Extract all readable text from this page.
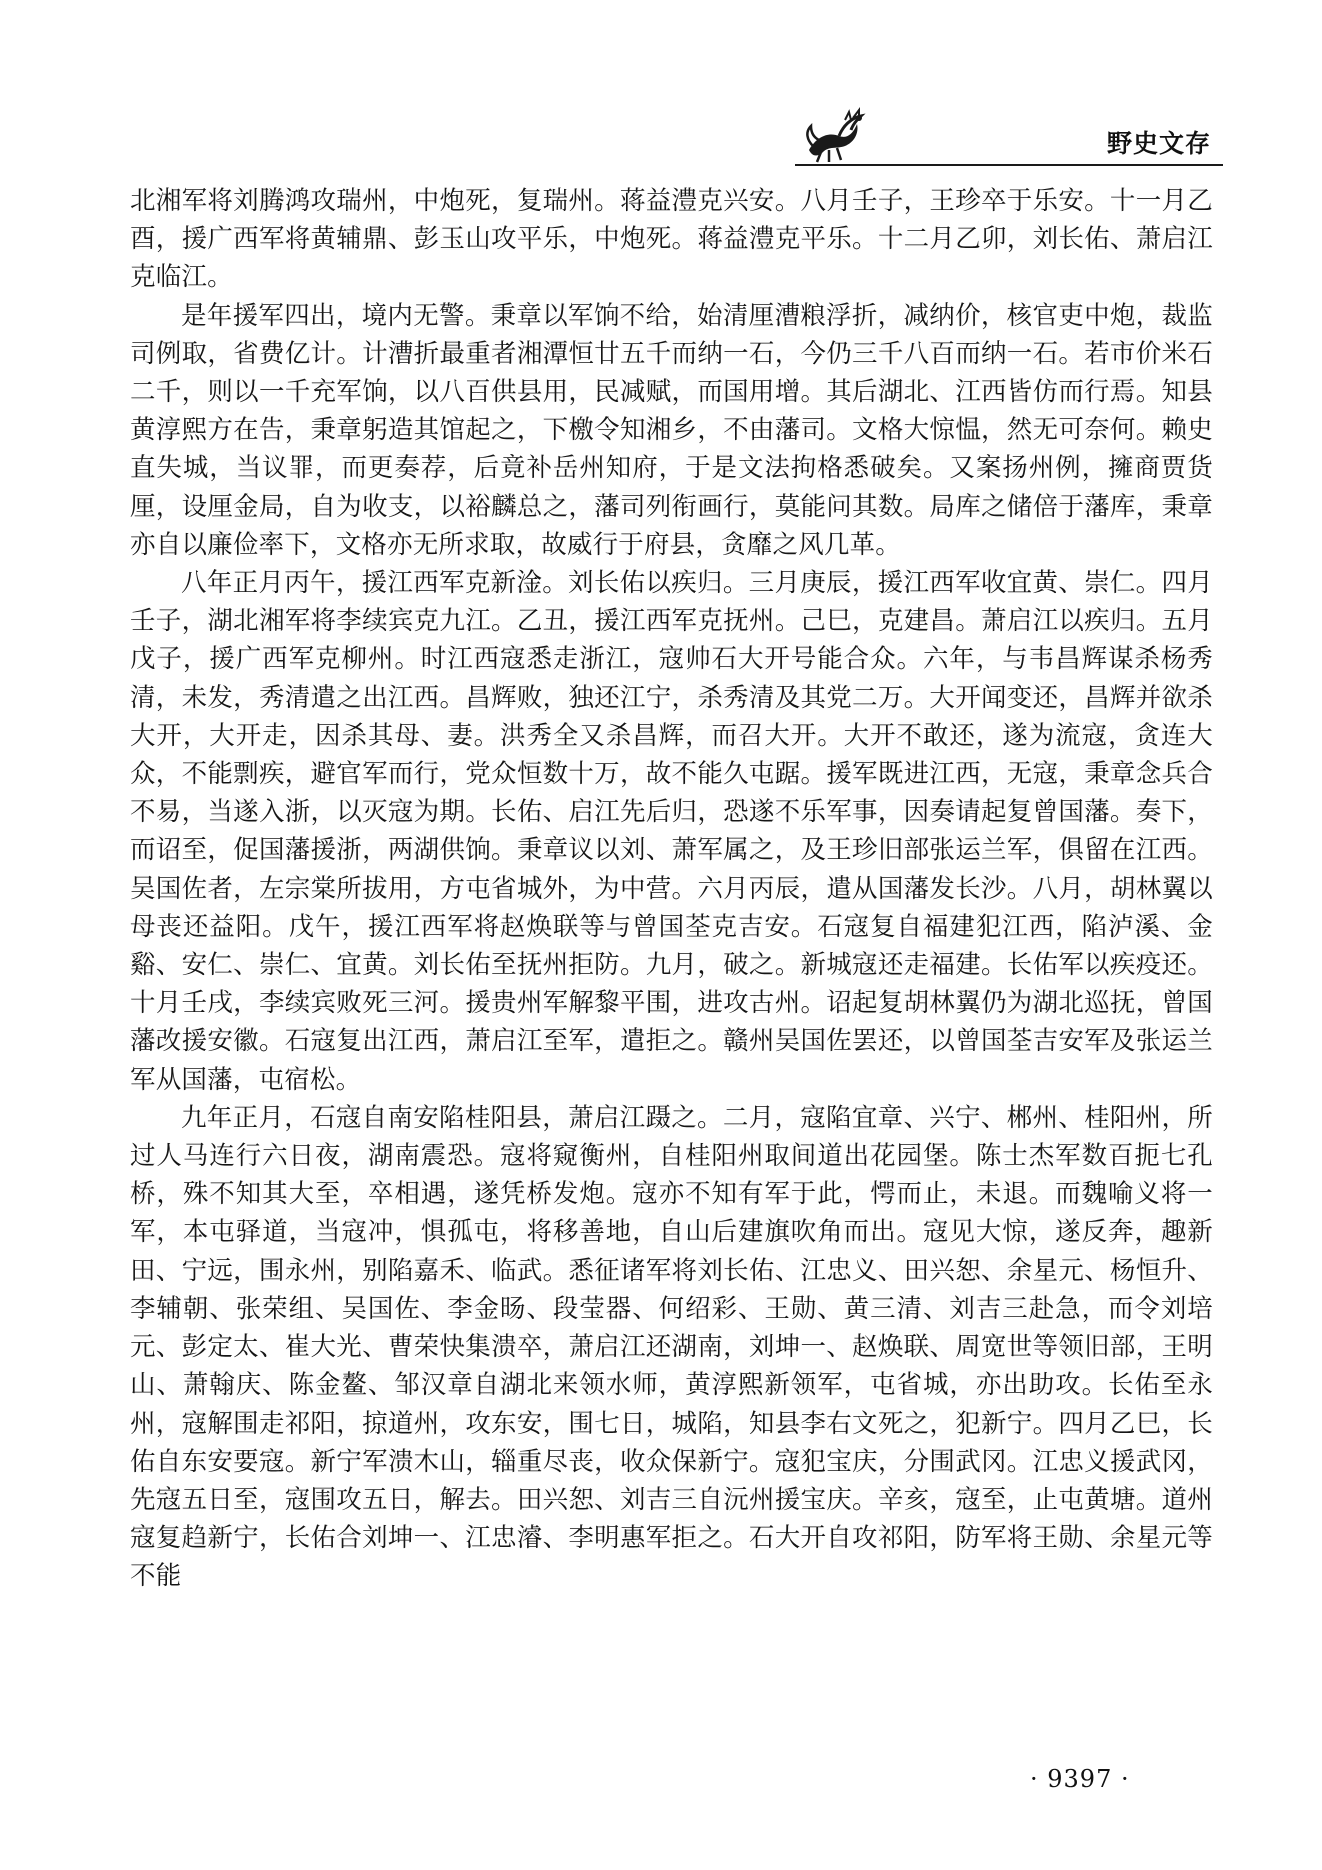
野史文存

北湘军将刘腾鸿攻瑞州，中炮死，复瑞州。蒋益澧克兴安。八月壬子，王珍卒于乐安。十一月乙酉，援广西军将黄辅鼎、彭玉山攻平乐，中炮死。蒋益澧克平乐。十二月乙卯，刘长佑、萧启江克临江。

是年援军四出，境内无警。秉章以军饷不给，始清厘漕粮浮折，减纳价，核官吏中炮，裁监司例取，省费亿计。计漕折最重者湘潭恒廿五千而纳一石，今仍三千八百而纳一石。若市价米石二千，则以一千充军饷，以八百供县用，民减赋，而国用增。其后湖北、江西皆仿而行焉。知县黄淳熙方在告，秉章躬造其馆起之，下檄令知湘乡，不由藩司。文格大惊愠，然无可奈何。赖史直失城，当议罪，而更奏荐，后竟补岳州知府，于是文法拘格悉破矣。又案扬州例，擁商贾货厘，设厘金局，自为收支，以裕麟总之，藩司列衔画行，莫能问其数。局库之储倍于藩库，秉章亦自以廉俭率下，文格亦无所求取，故威行于府县，贪靡之风几革。

八年正月丙午，援江西军克新淦。刘长佑以疾归。三月庚辰，援江西军收宜黄、崇仁。四月壬子，湖北湘军将李续宾克九江。乙丑，援江西军克抚州。己巳，克建昌。萧启江以疾归。五月戊子，援广西军克柳州。时江西寇悉走浙江，寇帅石大开号能合众。六年，与韦昌辉谋杀杨秀清，未发，秀清遣之出江西。昌辉败，独还江宁，杀秀清及其党二万。大开闻变还，昌辉并欲杀大开，大开走，因杀其母、妻。洪秀全又杀昌辉，而召大开。大开不敢还，遂为流寇，贪连大众，不能剽疾，避官军而行，党众恒数十万，故不能久屯踞。援军既进江西，无寇，秉章念兵合不易，当遂入浙，以灭寇为期。长佑、启江先后归，恐遂不乐军事，因奏请起复曾国藩。奏下，而诏至，促国藩援浙，两湖供饷。秉章议以刘、萧军属之，及王珍旧部张运兰军，俱留在江西。吴国佐者，左宗棠所拔用，方屯省城外，为中营。六月丙辰，遣从国藩发长沙。八月，胡林翼以母丧还益阳。戊午，援江西军将赵焕联等与曾国荃克吉安。石寇复自福建犯江西，陷泸溪、金谿、安仁、崇仁、宜黄。刘长佑至抚州拒防。九月，破之。新城寇还走福建。长佑军以疾疫还。十月壬戌，李续宾败死三河。援贵州军解黎平围，进攻古州。诏起复胡林翼仍为湖北巡抚，曾国藩改援安徽。石寇复出江西，萧启江至军，遣拒之。赣州吴国佐罢还，以曾国荃吉安军及张运兰军从国藩，屯宿松。

九年正月，石寇自南安陷桂阳县，萧启江蹑之。二月，寇陷宜章、兴宁、郴州、桂阳州，所过人马连行六日夜，湖南震恐。寇将窥衡州，自桂阳州取间道出花园堡。陈士杰军数百扼七孔桥，殊不知其大至，卒相遇，遂凭桥发炮。寇亦不知有军于此，愕而止，未退。而魏喻义将一军，本屯驿道，当寇冲，惧孤屯，将移善地，自山后建旗吹角而出。寇见大惊，遂反奔，趣新田、宁远，围永州，别陷嘉禾、临武。悉征诸军将刘长佑、江忠义、田兴恕、余星元、杨恒升、李辅朝、张荣组、吴国佐、李金旸、段莹器、何绍彩、王勋、黄三清、刘吉三赴急，而令刘培元、彭定太、崔大光、曹荣快集溃卒，萧启江还湖南，刘坤一、赵焕联、周宽世等领旧部，王明山、萧翰庆、陈金鳌、邹汉章自湖北来领水师，黄淳熙新领军，屯省城，亦出助攻。长佑至永州，寇解围走祁阳，掠道州，攻东安，围七日，城陷，知县李右文死之，犯新宁。四月乙巳，长佑自东安要寇。新宁军溃木山，辎重尽丧，收众保新宁。寇犯宝庆，分围武冈。江忠义援武冈，先寇五日至，寇围攻五日，解去。田兴恕、刘吉三自沅州援宝庆。辛亥，寇至，止屯黄塘。道州寇复趋新宁，长佑合刘坤一、江忠濬、李明惠军拒之。石大开自攻祁阳，防军将王勋、余星元等不能

· 9397 ·
